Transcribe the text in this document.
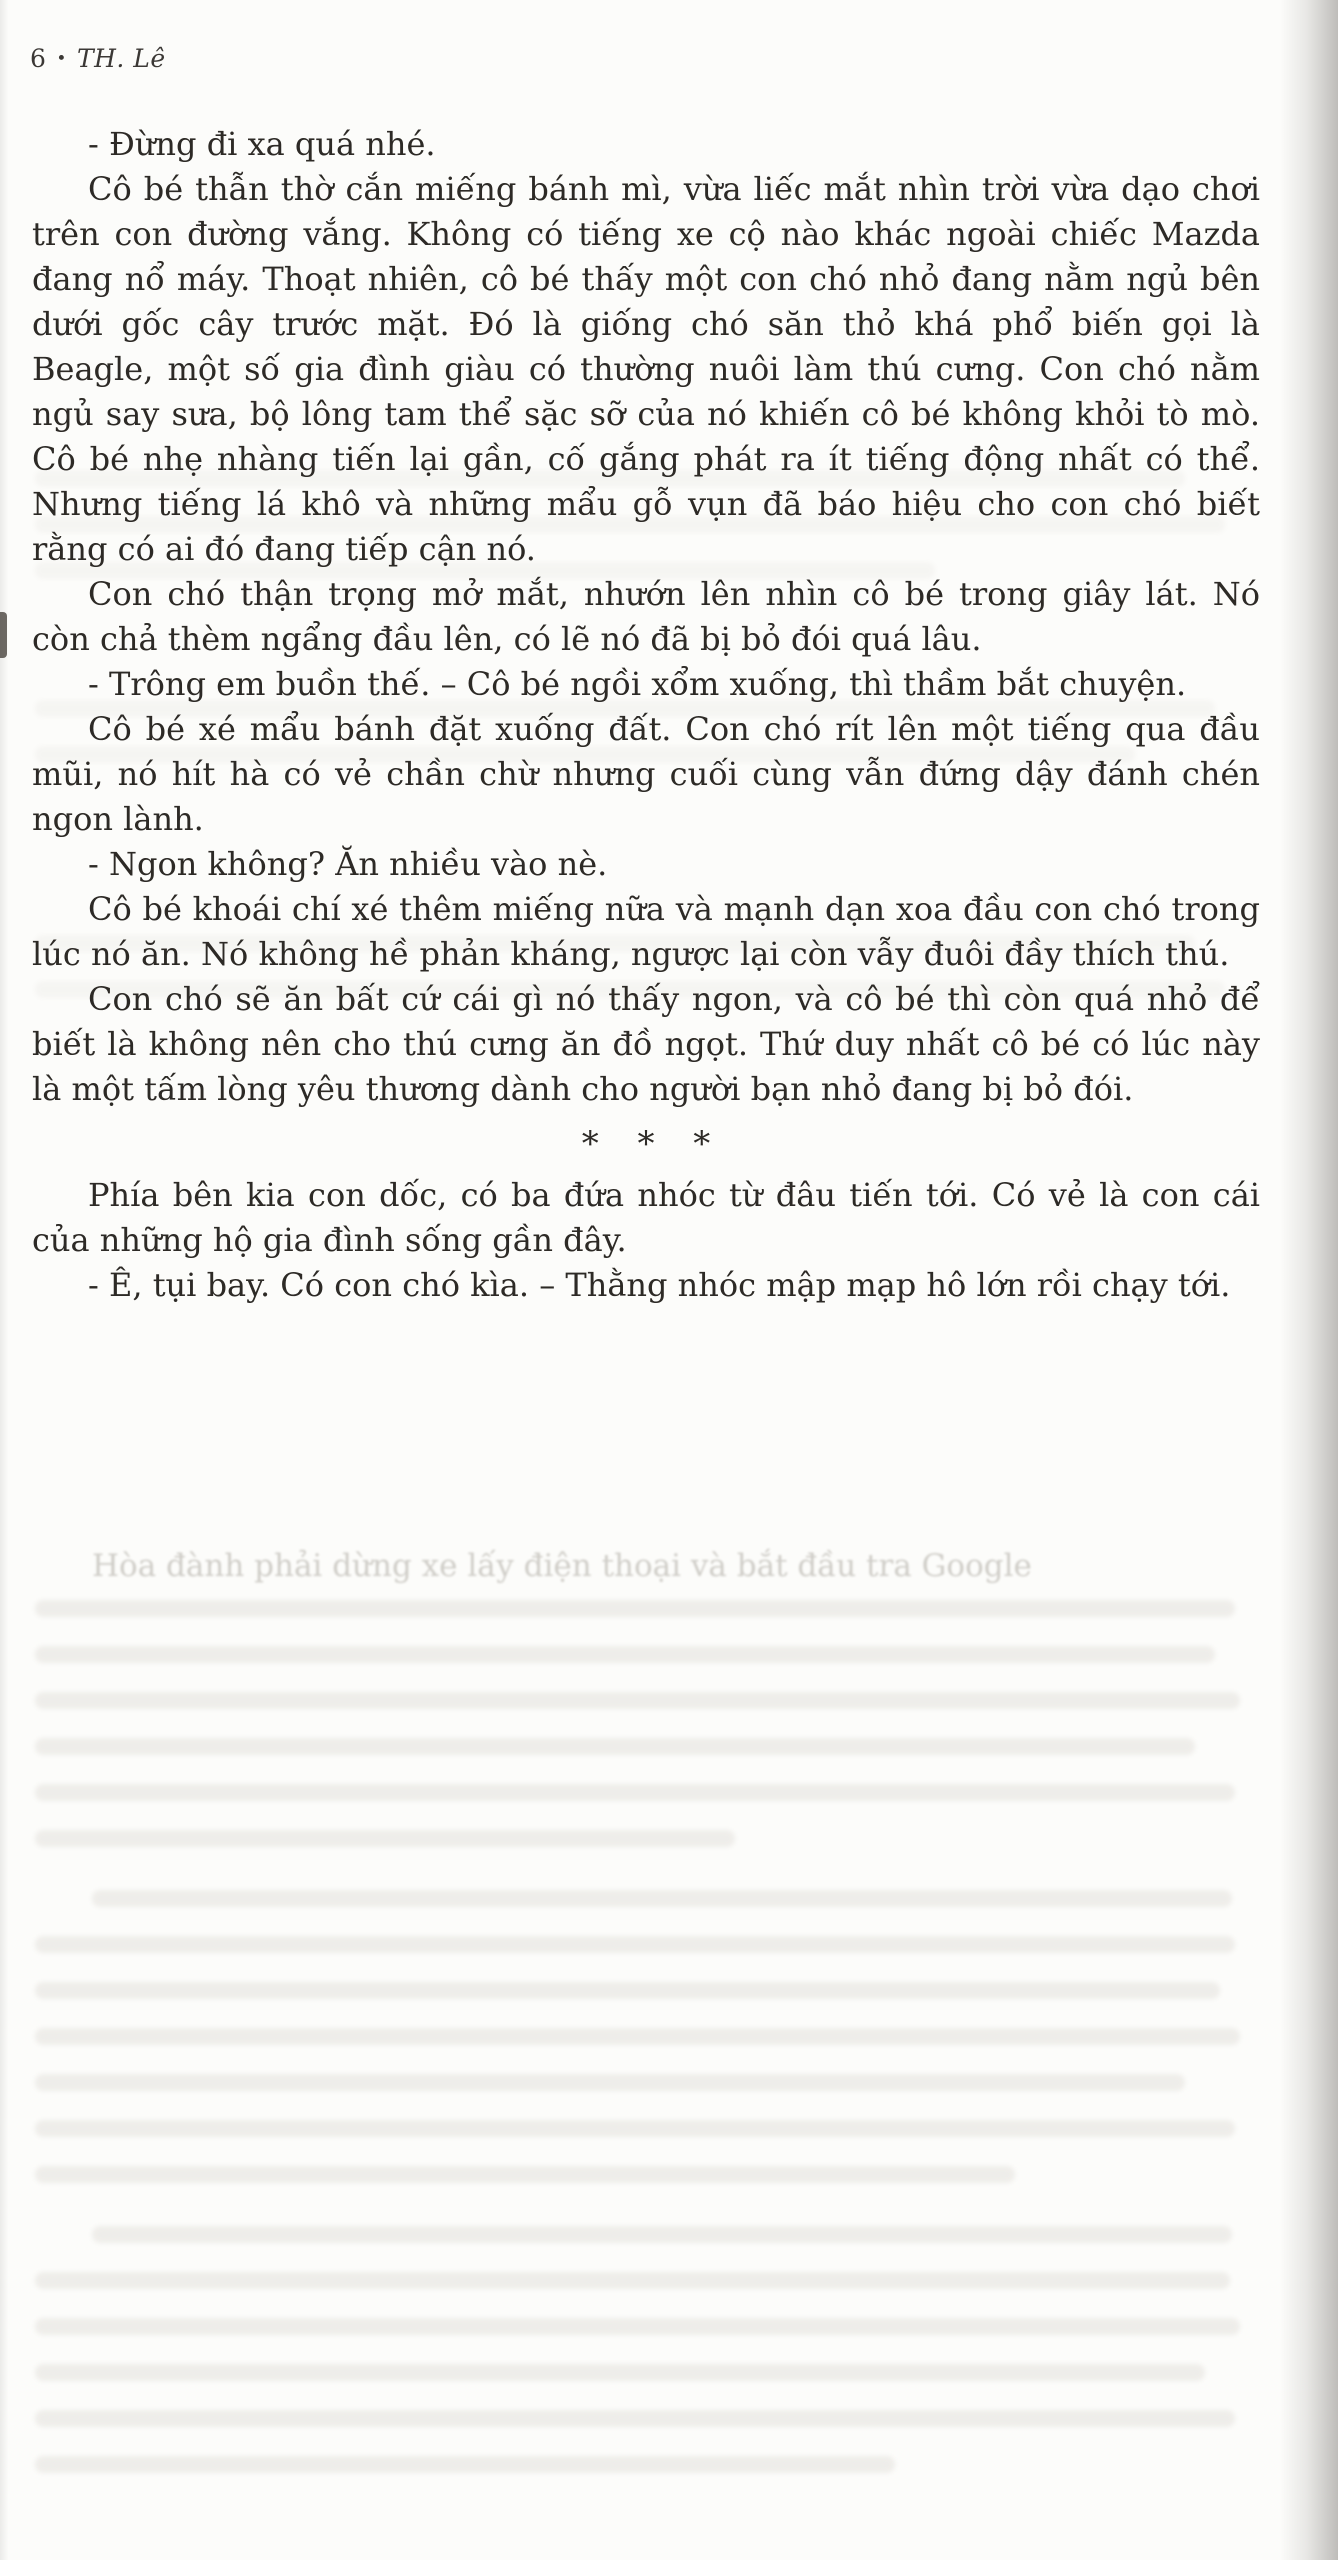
6 • TH. Lê

- Đừng đi xa quá nhé.

Cô bé thẫn thờ cắn miếng bánh mì, vừa liếc mắt nhìn trời vừa dạo chơi trên con đường vắng. Không có tiếng xe cộ nào khác ngoài chiếc Mazda đang nổ máy. Thoạt nhiên, cô bé thấy một con chó nhỏ đang nằm ngủ bên dưới gốc cây trước mặt. Đó là giống chó săn thỏ khá phổ biến gọi là Beagle, một số gia đình giàu có thường nuôi làm thú cưng. Con chó nằm ngủ say sưa, bộ lông tam thể sặc sỡ của nó khiến cô bé không khỏi tò mò. Cô bé nhẹ nhàng tiến lại gần, cố gắng phát ra ít tiếng động nhất có thể. Nhưng tiếng lá khô và những mẩu gỗ vụn đã báo hiệu cho con chó biết rằng có ai đó đang tiếp cận nó.

Con chó thận trọng mở mắt, nhướn lên nhìn cô bé trong giây lát. Nó còn chả thèm ngẩng đầu lên, có lẽ nó đã bị bỏ đói quá lâu.

- Trông em buồn thế. – Cô bé ngồi xổm xuống, thì thầm bắt chuyện.

Cô bé xé mẩu bánh đặt xuống đất. Con chó rít lên một tiếng qua đầu mũi, nó hít hà có vẻ chần chừ nhưng cuối cùng vẫn đứng dậy đánh chén ngon lành.

- Ngon không? Ăn nhiều vào nè.

Cô bé khoái chí xé thêm miếng nữa và mạnh dạn xoa đầu con chó trong lúc nó ăn. Nó không hề phản kháng, ngược lại còn vẫy đuôi đầy thích thú.

Con chó sẽ ăn bất cứ cái gì nó thấy ngon, và cô bé thì còn quá nhỏ để biết là không nên cho thú cưng ăn đồ ngọt. Thứ duy nhất cô bé có lúc này là một tấm lòng yêu thương dành cho người bạn nhỏ đang bị bỏ đói.

* * *

Phía bên kia con dốc, có ba đứa nhóc từ đâu tiến tới. Có vẻ là con cái của những hộ gia đình sống gần đây.

- Ê, tụi bay. Có con chó kìa. – Thằng nhóc mập mạp hô lớn rồi chạy tới.

Hòa đành phải dừng xe lấy điện thoại và bắt đầu tra Google
